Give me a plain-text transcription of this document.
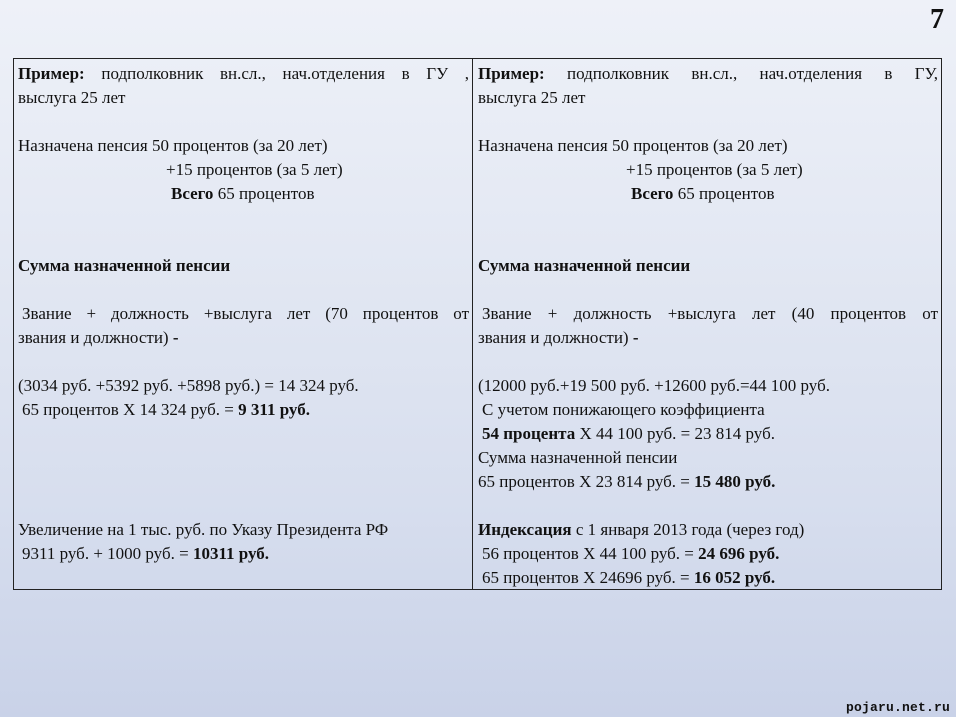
7
Пример: подполковник вн.сл., нач.отделения в ГУ ,
выслуга 25 лет
Назначена пенсия 50 процентов (за 20 лет)
+15 процентов (за 5 лет)
Всего 65 процентов
Сумма назначенной пенсии
Звание + должность +выслуга лет (70 процентов от
звания и должности) -
(3034 руб. +5392 руб. +5898 руб.) = 14 324 руб.
65 процентов Х 14 324 руб. = 9 311 руб.
Увеличение на 1 тыс. руб. по Указу Президента РФ
9311 руб. + 1000 руб. = 10311 руб.
Пример: подполковник вн.сл., нач.отделения в ГУ,
выслуга 25 лет
Назначена пенсия 50 процентов (за 20 лет)
+15 процентов (за 5 лет)
Всего 65 процентов
Сумма назначенной пенсии
Звание + должность +выслуга лет (40 процентов от
звания и должности) -
(12000 руб.+19 500 руб. +12600 руб.=44 100 руб.
С учетом понижающего коэффициента
54 процента Х 44 100 руб. = 23 814 руб.
Сумма назначенной пенсии
65 процентов Х 23 814 руб. = 15 480 руб.
Индексация с 1 января 2013 года (через год)
56 процентов Х 44 100 руб. = 24 696 руб.
65 процентов Х 24696 руб. = 16 052 руб.
pojaru.net.ru
